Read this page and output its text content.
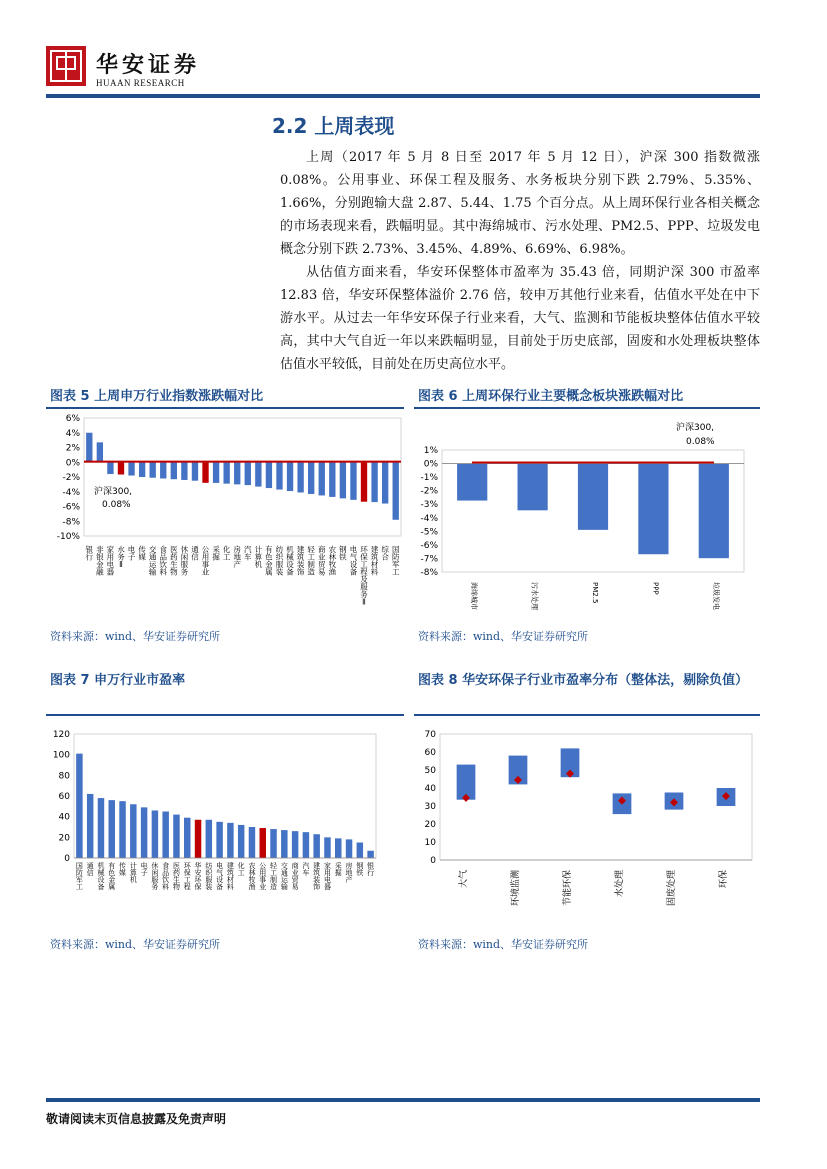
中
华安证券
HUAAN RESEARCH
2.2 上周表现

上周（2017 年 5 月 8 日至 2017 年 5 月 12 日），沪深 300 指数微涨 0.08%。公用事业、环保工程及服务、水务板块分别下跌 2.79%、5.35%、1.66%，分别跑输大盘 2.87、5.44、1.75 个百分点。从上周环保行业各相关概念的市场表现来看，跌幅明显。其中海绵城市、污水处理、PM2.5、PPP、垃圾发电概念分别下跌 2.73%、3.45%、4.89%、6.69%、6.98%。

从估值方面来看，华安环保整体市盈率为 35.43 倍，同期沪深 300 市盈率 12.83 倍，华安环保整体溢价 2.76 倍，较申万其他行业来看，估值水平处在中下游水平。从过去一年华安环保子行业来看，大气、监测和节能板块整体估值水平较高，其中大气自近一年以来跌幅明显，目前处于历史底部，固废和水处理板块整体估值水平较低，目前处在历史高位水平。

图表 5 上周申万行业指数涨跌幅对比
6%
4%
2%
0%
-2%
-4%
-6%
-8%
-10%
银行
非银金融
家用电器
水务 Ⅱ
电子
传媒
交通运输
食品饮料
医药生物
休闲服务
通信
公用事业
采掘
化工
房地产
汽车
计算机
有色金属
纺织服装
机械设备
建筑装饰
轻工制造
商业贸易
农林牧渔
钢铁
电气设备
环保工程及服务 Ⅱ
建筑材料
综合
国防军工
沪深300,
0.08%
资料来源：wind、华安证券研究所
图表 6 上周环保行业主要概念板块涨跌幅对比
1%
0%
-1%
-2%
-3%
-4%
-5%
-6%
-7%
-8%
海绵城市	污水处理	PM2.5	PPP	垃圾发电
沪深300,
0.08%
资料来源：wind、华安证券研究所
图表 7 申万行业市盈率
120
100
80
60
40
20
0
国防军工
通信
机械设备
有色金属
传媒
计算机
电子
休闲服务
食品饮料
医药生物
环保工程
华安环保
纺织服装
电气设备
建筑材料
化工
农林牧渔
公用事业
轻工制造
交通运输
商业贸易
汽车
建筑装饰
家用电器
采掘
房地产
钢铁
银行
资料来源：wind、华安证券研究所
图表 8 华安环保子行业市盈率分布（整体法，剔除负值）
70
60
50
40
30
20
10
0
大气	环境监测	节能环保	水处理	固废处理	环保
资料来源：wind、华安证券研究所
敬请阅读末页信息披露及免责声明
